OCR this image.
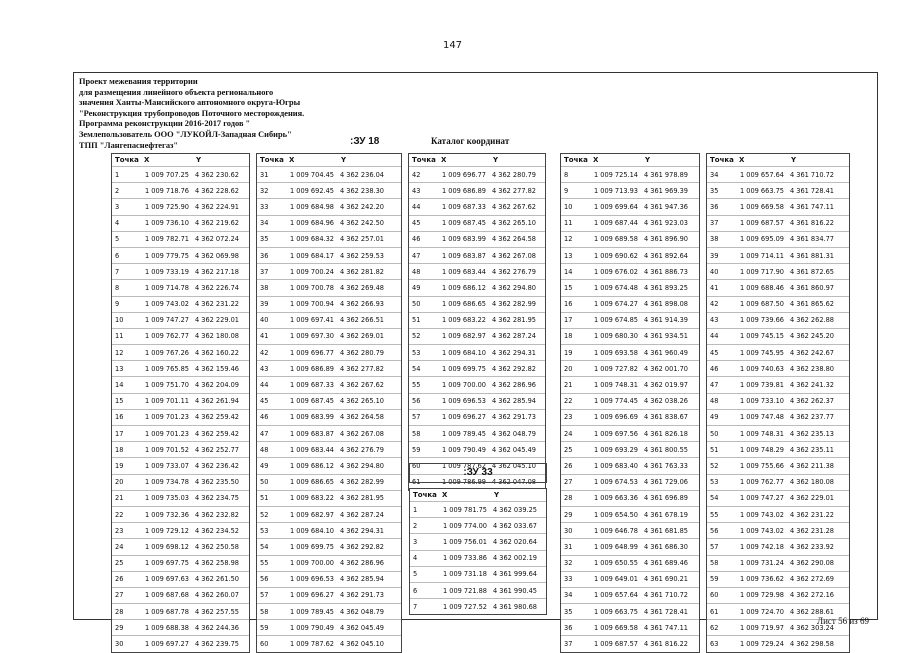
147
Проект межевания территории
для размещения линейного объекта регионального
значения Ханты-Мансийского автономного округа-Югры
"Реконструкция трубопроводов Поточного месторождения.
Программа реконструкции 2016-2017 годов "
Землепользователь ООО "ЛУКОЙЛ-Западная Сибирь"
ТПП "Лангепаснефтегаз"	:ЗУ 18	Каталог координат
Точка X	Y
1	1 009 707.25 4 362 230.62
2	1 009 718.76 4 362 228.62
3	1 009 725.90 4 362 224.91
4	1 009 736.10 4 362 219.62
5	1 009 782.71 4 362 072.24
6	1 009 779.75 4 362 069.98
7	1 009 733.19 4 362 217.18
8	1 009 714.78 4 362 226.74
9	1 009 743.02 4 362 231.22
10	1 009 747.27 4 362 229.01
11	1 009 762.77 4 362 180.08
12	1 009 767.26 4 362 160.22
13	1 009 765.85 4 362 159.46
14	1 009 751.70 4 362 204.09
15	1 009 701.11 4 362 261.94
16	1 009 701.23 4 362 259.42
17	1 009 701.23 4 362 259.42
18	1 009 701.52 4 362 252.77
19	1 009 733.07 4 362 236.42
20	1 009 734.78 4 362 235.50
21	1 009 735.03 4 362 234.75
22	1 009 732.36 4 362 232.82
23	1 009 729.12 4 362 234.52
24	1 009 698.12 4 362 250.58
25	1 009 697.75 4 362 258.98
26	1 009 697.63 4 362 261.50
27	1 009 687.68 4 362 260.07
28	1 009 687.78 4 362 257.55
29	1 009 688.38 4 362 244.36
30	1 009 697.27 4 362 239.75
Точка X	Y
31	1 009 704.45 4 362 236.04
32	1 009 692.45 4 362 238.30
33	1 009 684.98 4 362 242.20
34	1 009 684.96 4 362 242.50
35	1 009 684.32 4 362 257.01
36	1 009 684.17 4 362 259.53
37	1 009 700.24 4 362 281.82
38	1 009 700.78 4 362 269.48
39	1 009 700.94 4 362 266.93
40	1 009 697.41 4 362 266.51
41	1 009 697.30 4 362 269.01
42	1 009 696.77 4 362 280.79
43	1 009 686.89 4 362 277.82
44	1 009 687.33 4 362 267.62
45	1 009 687.45 4 362 265.10
46	1 009 683.99 4 362 264.58
47	1 009 683.87 4 362 267.08
48	1 009 683.44 4 362 276.79
49	1 009 686.12 4 362 294.80
50	1 009 686.65 4 362 282.99
51	1 009 683.22 4 362 281.95
52	1 009 682.97 4 362 287.24
53	1 009 684.10 4 362 294.31
54	1 009 699.75 4 362 292.82
55	1 009 700.00 4 362 286.96
56	1 009 696.53 4 362 285.94
57	1 009 696.27 4 362 291.73
58	1 009 789.45 4 362 048.79
59	1 009 790.49 4 362 045.49
60	1 009 787.62 4 362 045.10
Точка X	Y
42	1 009 696.77 4 362 280.79
43	1 009 686.89 4 362 277.82
44	1 009 687.33 4 362 267.62
45	1 009 687.45 4 362 265.10
46	1 009 683.99 4 362 264.58
47	1 009 683.87 4 362 267.08
48	1 009 683.44 4 362 276.79
49	1 009 686.12 4 362 294.80
50	1 009 686.65 4 362 282.99
51	1 009 683.22 4 362 281.95
52	1 009 682.97 4 362 287.24
53	1 009 684.10 4 362 294.31
54	1 009 699.75 4 362 292.82
55	1 009 700.00 4 362 286.96
56	1 009 696.53 4 362 285.94
57	1 009 696.27 4 362 291.73
58	1 009 789.45 4 362 048.79
59	1 009 790.49 4 362 045.49
60	1 009 787.62 4 362 045.10
61	1 009 786.99 4 362 047.08
:ЗУ 33
Точка X	Y
1	1 009 781.75 4 362 039.25
2	1 009 774.00 4 362 033.67
3	1 009 756.01 4 362 020.64
4	1 009 733.86 4 362 002.19
5	1 009 731.18 4 361 999.64
6	1 009 721.88 4 361 990.45
7	1 009 727.52 4 361 980.68
Точка X	Y
8	1 009 725.14 4 361 978.89
9	1 009 713.93 4 361 969.39
10	1 009 699.64 4 361 947.36
11	1 009 687.44 4 361 923.03
12	1 009 689.58 4 361 896.90
13	1 009 690.62 4 361 892.64
14	1 009 676.02 4 361 886.73
15	1 009 674.48 4 361 893.25
16	1 009 674.27 4 361 898.08
17	1 009 674.85 4 361 914.39
18	1 009 680.30 4 361 934.51
19	1 009 693.58 4 361 960.49
20	1 009 727.82 4 362 001.70
21	1 009 748.31 4 362 019.97
22	1 009 774.45 4 362 038.26
23	1 009 696.69 4 361 838.67
24	1 009 697.56 4 361 826.18
25	1 009 693.29 4 361 800.55
26	1 009 683.40 4 361 763.33
27	1 009 674.53 4 361 729.06
28	1 009 663.36 4 361 696.89
29	1 009 654.50 4 361 678.19
30	1 009 646.78 4 361 681.85
31	1 009 648.99 4 361 686.30
32	1 009 650.55 4 361 689.46
33	1 009 649.01 4 361 690.21
34	1 009 657.64 4 361 710.72
35	1 009 663.75 4 361 728.41
36	1 009 669.58 4 361 747.11
37	1 009 687.57 4 361 816.22
Точка X	Y
34	1 009 657.64 4 361 710.72
35	1 009 663.75 4 361 728.41
36	1 009 669.58 4 361 747.11
37	1 009 687.57 4 361 816.22
38	1 009 695.09 4 361 834.77
39	1 009 714.11 4 361 881.31
40	1 009 717.90 4 361 872.65
41	1 009 688.46 4 361 860.97
42	1 009 687.50 4 361 865.62
43	1 009 739.66 4 362 262.88
44	1 009 745.15 4 362 245.20
45	1 009 745.95 4 362 242.67
46	1 009 740.63 4 362 238.80
47	1 009 739.81 4 362 241.32
48	1 009 733.10 4 362 262.37
49	1 009 747.48 4 362 237.77
50	1 009 748.31 4 362 235.13
51	1 009 748.29 4 362 235.11
52	1 009 755.66 4 362 211.38
53	1 009 762.77 4 362 180.08
54	1 009 747.27 4 362 229.01
55	1 009 743.02 4 362 231.22
56	1 009 743.02 4 362 231.28
57	1 009 742.18 4 362 233.92
58	1 009 731.24 4 362 290.08
59	1 009 736.62 4 362 272.69
60	1 009 729.98 4 362 272.16
61	1 009 724.70 4 362 288.61
62	1 009 719.97 4 362 303.24
63	1 009 729.24 4 362 298.58
Лист 56 из 69
